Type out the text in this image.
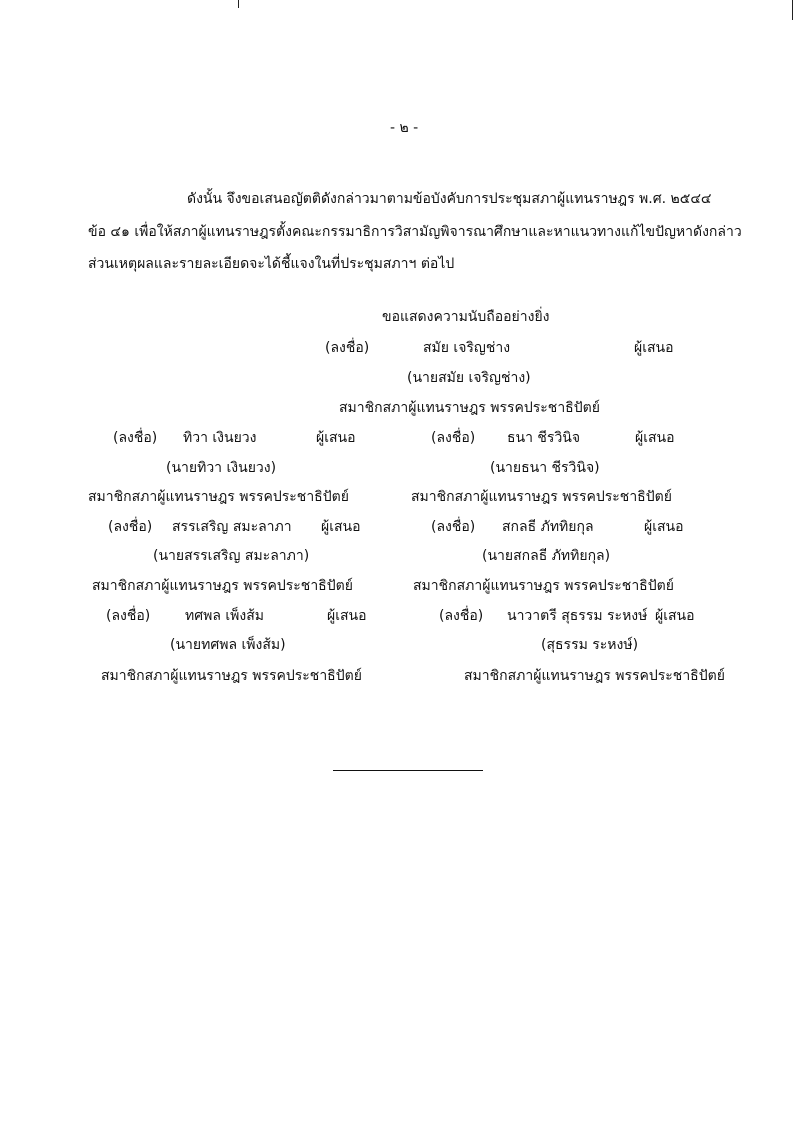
- ๒ -
ดังนั้น จึงขอเสนอญัตติดังกล่าวมาตามข้อบังคับการประชุมสภาผู้แทนราษฎร พ.ศ. ๒๕๔๔
ข้อ ๔๑ เพื่อให้สภาผู้แทนราษฎรตั้งคณะกรรมาธิการวิสามัญพิจารณาศึกษาและหาแนวทางแก้ไขปัญหาดังกล่าว
ส่วนเหตุผลและรายละเอียดจะได้ชี้แจงในที่ประชุมสภาฯ ต่อไป
ขอแสดงความนับถืออย่างยิ่ง
(ลงชื่อ)	สมัย เจริญช่าง	ผู้เสนอ
(นายสมัย เจริญช่าง)
สมาชิกสภาผู้แทนราษฎร พรรคประชาธิปัตย์
(ลงชื่อ) ทิวา เงินยวง	ผู้เสนอ	(ลงชื่อ) ธนา ชีรวินิจ	ผู้เสนอ
(นายทิวา เงินยวง)	(นายธนา ชีรวินิจ)
สมาชิกสภาผู้แทนราษฎร พรรคประชาธิปัตย์	สมาชิกสภาผู้แทนราษฎร พรรคประชาธิปัตย์
(ลงชื่อ) สรรเสริญ สมะลาภา ผู้เสนอ	(ลงชื่อ) สกลธี ภัททิยกุล	ผู้เสนอ
(นายสรรเสริญ สมะลาภา)	(นายสกลธี ภัททิยกุล)
สมาชิกสภาผู้แทนราษฎร พรรคประชาธิปัตย์	สมาชิกสภาผู้แทนราษฎร พรรคประชาธิปัตย์
(ลงชื่อ) ทศพล เพ็งส้ม	ผู้เสนอ	(ลงชื่อ) นาวาตรี สุธรรม ระหงษ์ ผู้เสนอ
(นายทศพล เพ็งส้ม)	(สุธรรม ระหงษ์)
สมาชิกสภาผู้แทนราษฎร พรรคประชาธิปัตย์	สมาชิกสภาผู้แทนราษฎร พรรคประชาธิปัตย์
